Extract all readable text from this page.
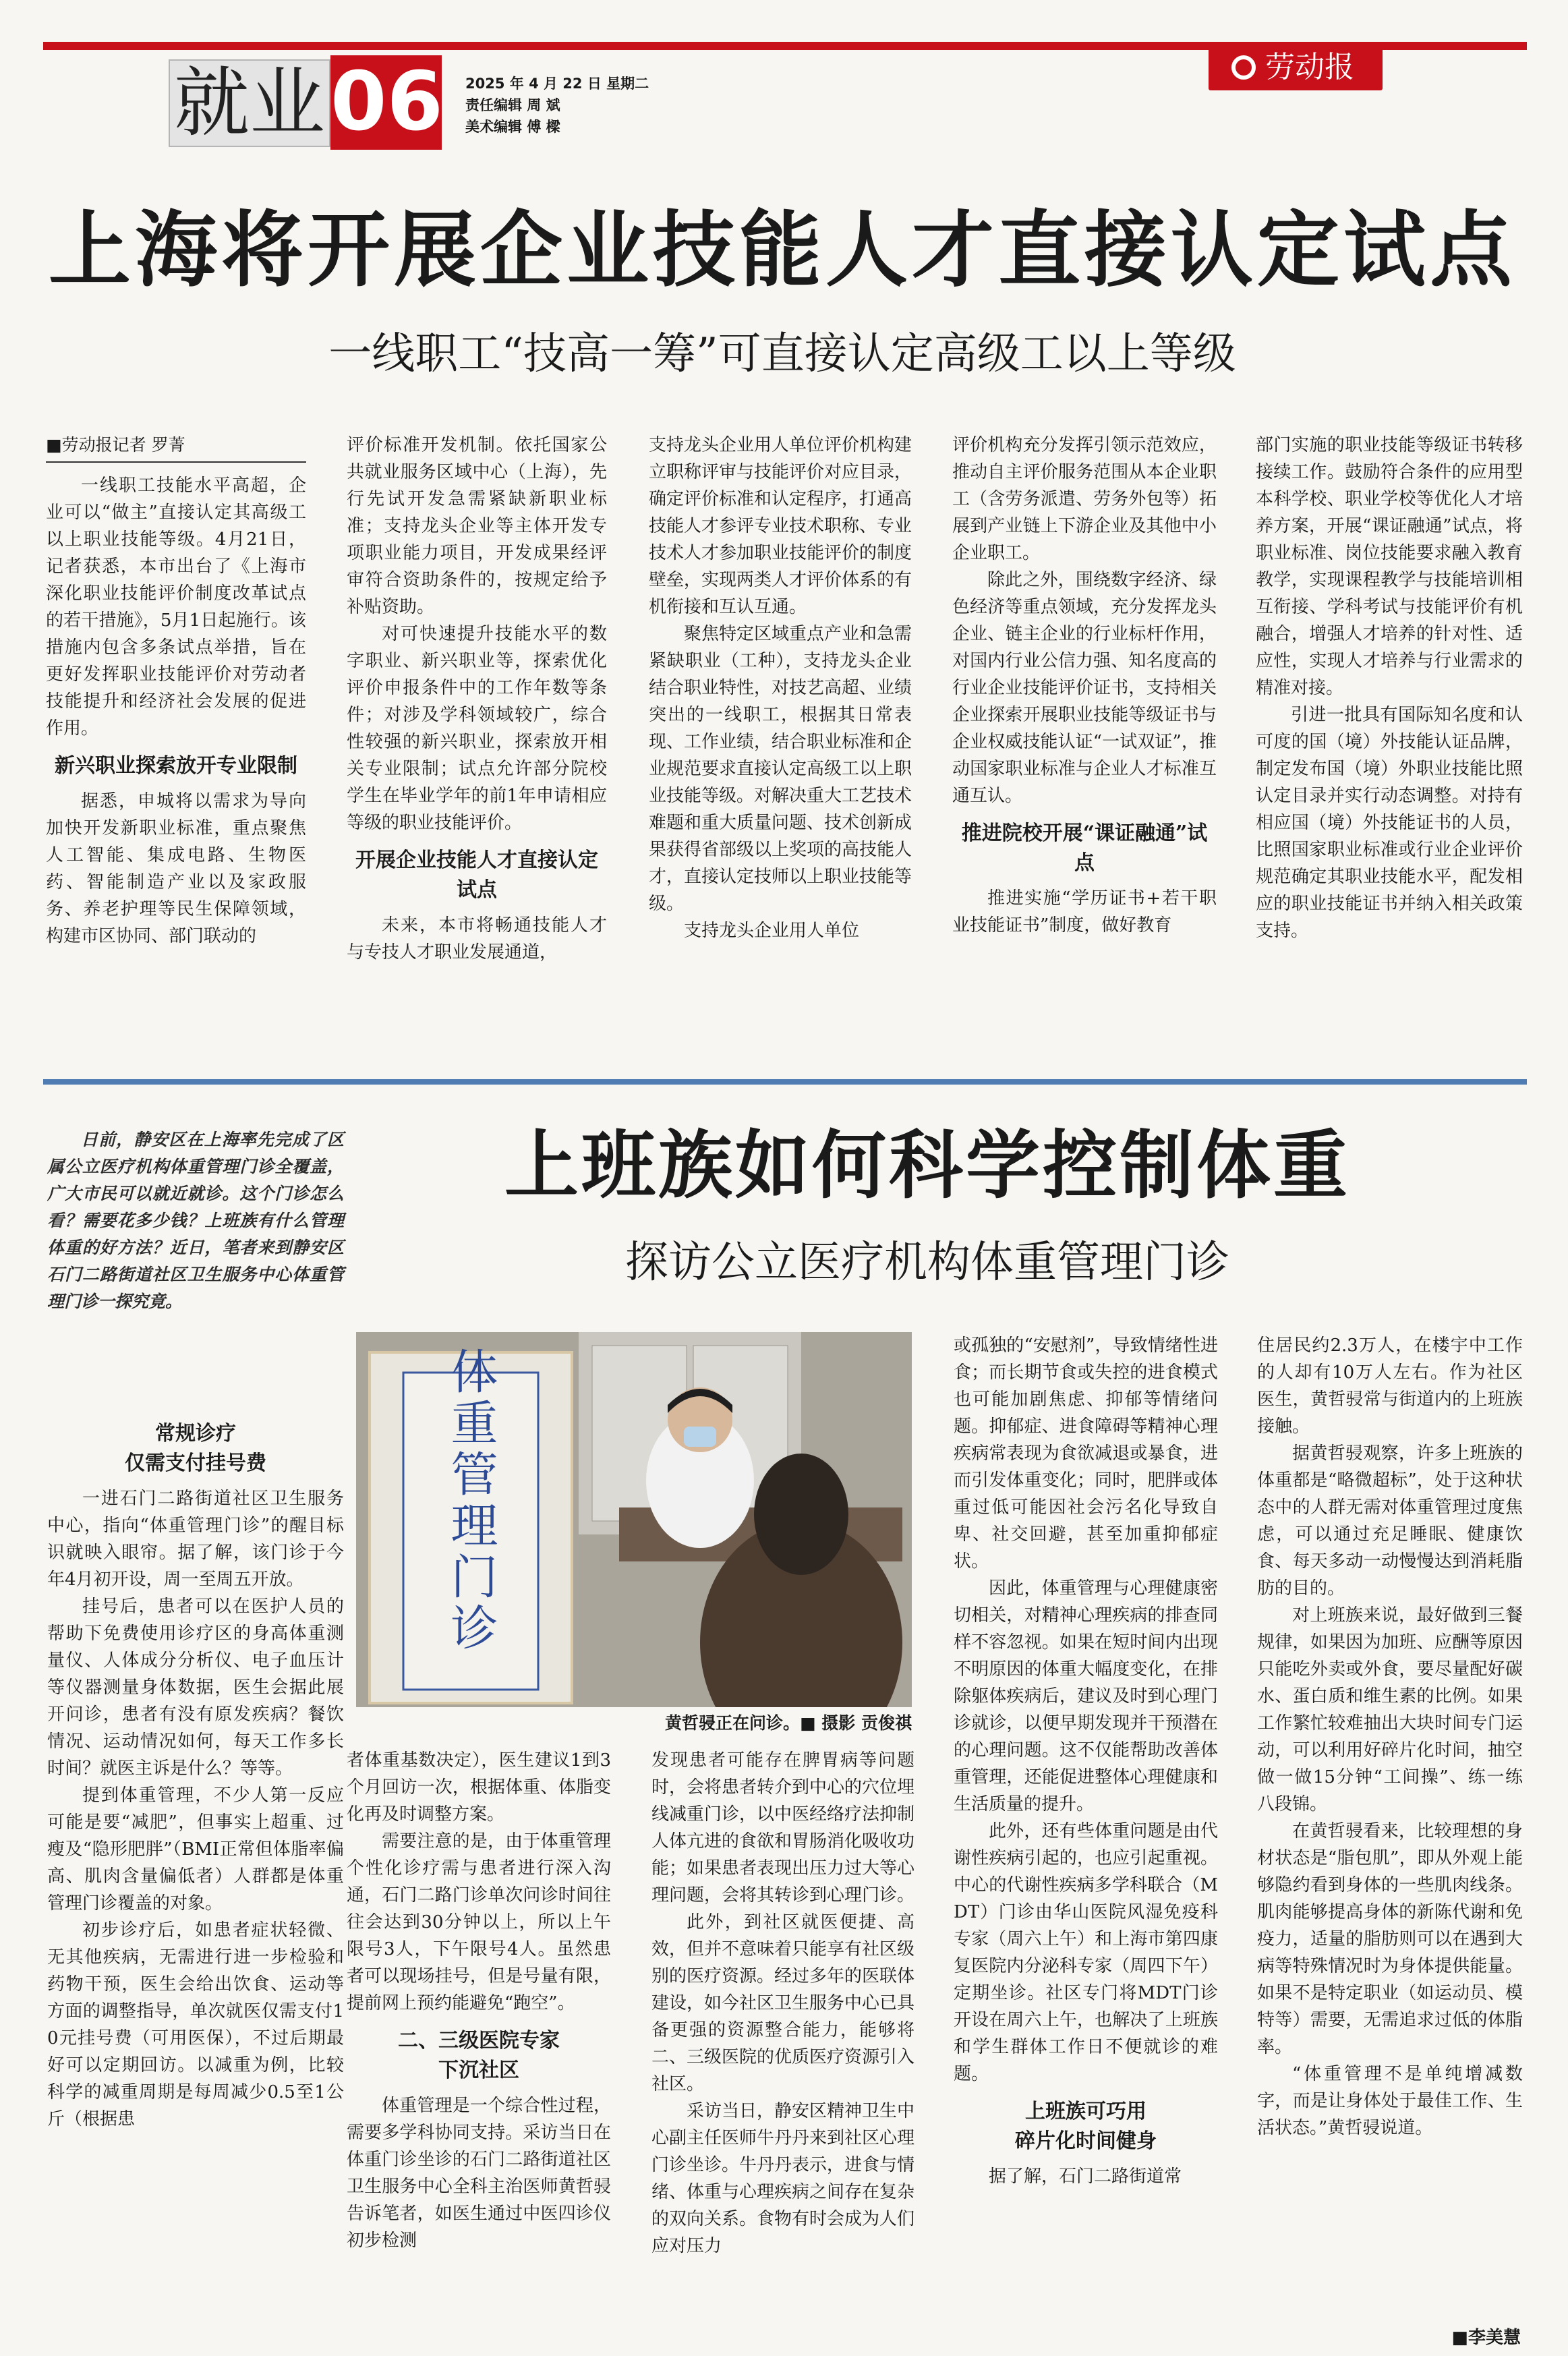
就业 06 2025 年 4 月 22 日 星期二
责任编辑 周 斌
美术编辑 傅 樑
劳动报
上海将开展企业技能人才直接认定试点
一线职工“技高一筹”可直接认定高级工以上等级

■劳动报记者 罗菁

一线职工技能水平高超，企业可以“做主”直接认定其高级工以上职业技能等级。4月21日，记者获悉，本市出台了《上海市深化职业技能评价制度改革试点的若干措施》，5月1日起施行。该措施内包含多条试点举措，旨在更好发挥职业技能评价对劳动者技能提升和经济社会发展的促进作用。

新兴职业探索放开专业限制

据悉，申城将以需求为导向加快开发新职业标准，重点聚焦人工智能、集成电路、生物医药、智能制造产业以及家政服务、养老护理等民生保障领域，构建市区协同、部门联动的

评价标准开发机制。依托国家公共就业服务区域中心（上海），先行先试开发急需紧缺新职业标准；支持龙头企业等主体开发专项职业能力项目，开发成果经评审符合资助条件的，按规定给予补贴资助。

对可快速提升技能水平的数字职业、新兴职业等，探索优化评价申报条件中的工作年数等条件；对涉及学科领域较广，综合性较强的新兴职业，探索放开相关专业限制；试点允许部分院校学生在毕业学年的前1年申请相应等级的职业技能评价。

开展企业技能人才直接认定试点

未来，本市将畅通技能人才与专技人才职业发展通道，

支持龙头企业用人单位评价机构建立职称评审与技能评价对应目录，确定评价标准和认定程序，打通高技能人才参评专业技术职称、专业技术人才参加职业技能评价的制度壁垒，实现两类人才评价体系的有机衔接和互认互通。

聚焦特定区域重点产业和急需紧缺职业（工种），支持龙头企业结合职业特性，对技艺高超、业绩突出的一线职工，根据其日常表现、工作业绩，结合职业标准和企业规范要求直接认定高级工以上职业技能等级。对解决重大工艺技术难题和重大质量问题、技术创新成果获得省部级以上奖项的高技能人才，直接认定技师以上职业技能等级。

支持龙头企业用人单位

评价机构充分发挥引领示范效应，推动自主评价服务范围从本企业职工（含劳务派遣、劳务外包等）拓展到产业链上下游企业及其他中小企业职工。

除此之外，围绕数字经济、绿色经济等重点领域，充分发挥龙头企业、链主企业的行业标杆作用，对国内行业公信力强、知名度高的行业企业技能评价证书，支持相关企业探索开展职业技能等级证书与企业权威技能认证“一试双证”，推动国家职业标准与企业人才标准互通互认。

推进院校开展“课证融通”试点

推进实施“学历证书+若干职业技能证书”制度，做好教育

部门实施的职业技能等级证书转移接续工作。鼓励符合条件的应用型本科学校、职业学校等优化人才培养方案，开展“课证融通”试点，将职业标准、岗位技能要求融入教育教学，实现课程教学与技能培训相互衔接、学科考试与技能评价有机融合，增强人才培养的针对性、适应性，实现人才培养与行业需求的精准对接。

引进一批具有国际知名度和认可度的国（境）外技能认证品牌，制定发布国（境）外职业技能比照认定目录并实行动态调整。对持有相应国（境）外技能证书的人员，比照国家职业标准或行业企业评价规范确定其职业技能水平，配发相应的职业技能证书并纳入相关政策支持。

日前，静安区在上海率先完成了区属公立医疗机构体重管理门诊全覆盖，广大市民可以就近就诊。这个门诊怎么看？需要花多少钱？上班族有什么管理体重的好方法？近日，笔者来到静安区石门二路街道社区卫生服务中心体重管理门诊一探究竟。

上班族如何科学控制体重
探访公立医疗机构体重管理门诊
体重管理门诊
黄哲骎正在问诊。■ 摄影 贡俊祺

常规诊疗
仅需支付挂号费

一进石门二路街道社区卫生服务中心，指向“体重管理门诊”的醒目标识就映入眼帘。据了解，该门诊于今年4月初开设，周一至周五开放。

挂号后，患者可以在医护人员的帮助下免费使用诊疗区的身高体重测量仪、人体成分分析仪、电子血压计等仪器测量身体数据，医生会据此展开问诊，患者有没有原发疾病？餐饮情况、运动情况如何，每天工作多长时间？就医主诉是什么？等等。

提到体重管理，不少人第一反应可能是要“减肥”，但事实上超重、过瘦及“隐形肥胖”（BMI正常但体脂率偏高、肌肉含量偏低者）人群都是体重管理门诊覆盖的对象。

初步诊疗后，如患者症状轻微、无其他疾病，无需进行进一步检验和药物干预，医生会给出饮食、运动等方面的调整指导，单次就医仅需支付10元挂号费（可用医保），不过后期最好可以定期回访。以减重为例，比较科学的减重周期是每周减少0.5至1公斤（根据患

者体重基数决定），医生建议1到3个月回访一次，根据体重、体脂变化再及时调整方案。

需要注意的是，由于体重管理个性化诊疗需与患者进行深入沟通，石门二路门诊单次问诊时间往往会达到30分钟以上，所以上午限号3人，下午限号4人。虽然患者可以现场挂号，但是号量有限，提前网上预约能避免“跑空”。

二、三级医院专家
下沉社区

体重管理是一个综合性过程，需要多学科协同支持。采访当日在体重门诊坐诊的石门二路街道社区卫生服务中心全科主治医师黄哲骎告诉笔者，如医生通过中医四诊仪初步检测

发现患者可能存在脾胃病等问题时，会将患者转介到中心的穴位埋线减重门诊，以中医经络疗法抑制人体亢进的食欲和胃肠消化吸收功能；如果患者表现出压力过大等心理问题，会将其转诊到心理门诊。

此外，到社区就医便捷、高效，但并不意味着只能享有社区级别的医疗资源。经过多年的医联体建设，如今社区卫生服务中心已具备更强的资源整合能力，能够将二、三级医院的优质医疗资源引入社区。

采访当日，静安区精神卫生中心副主任医师牛丹丹来到社区心理门诊坐诊。牛丹丹表示，进食与情绪、体重与心理疾病之间存在复杂的双向关系。食物有时会成为人们应对压力

或孤独的“安慰剂”，导致情绪性进食；而长期节食或失控的进食模式也可能加剧焦虑、抑郁等情绪问题。抑郁症、进食障碍等精神心理疾病常表现为食欲减退或暴食，进而引发体重变化；同时，肥胖或体重过低可能因社会污名化导致自卑、社交回避，甚至加重抑郁症状。

因此，体重管理与心理健康密切相关，对精神心理疾病的排查同样不容忽视。如果在短时间内出现不明原因的体重大幅度变化，在排除躯体疾病后，建议及时到心理门诊就诊，以便早期发现并干预潜在的心理问题。这不仅能帮助改善体重管理，还能促进整体心理健康和生活质量的提升。

此外，还有些体重问题是由代谢性疾病引起的，也应引起重视。中心的代谢性疾病多学科联合（MDT）门诊由华山医院风湿免疫科专家（周六上午）和上海市第四康复医院内分泌科专家（周四下午）定期坐诊。社区专门将MDT门诊开设在周六上午，也解决了上班族和学生群体工作日不便就诊的难题。

上班族可巧用
碎片化时间健身

据了解，石门二路街道常

住居民约2.3万人，在楼宇中工作的人却有10万人左右。作为社区医生，黄哲骎常与街道内的上班族接触。

据黄哲骎观察，许多上班族的体重都是“略微超标”，处于这种状态中的人群无需对体重管理过度焦虑，可以通过充足睡眠、健康饮食、每天多动一动慢慢达到消耗脂肪的目的。

对上班族来说，最好做到三餐规律，如果因为加班、应酬等原因只能吃外卖或外食，要尽量配好碳水、蛋白质和维生素的比例。如果工作繁忙较难抽出大块时间专门运动，可以利用好碎片化时间，抽空做一做15分钟“工间操”、练一练八段锦。

在黄哲骎看来，比较理想的身材状态是“脂包肌”，即从外观上能够隐约看到身体的一些肌肉线条。肌肉能够提高身体的新陈代谢和免疫力，适量的脂肪则可以在遇到大病等特殊情况时为身体提供能量。如果不是特定职业（如运动员、模特等）需要，无需追求过低的体脂率。

“体重管理不是单纯增减数字，而是让身体处于最佳工作、生活状态。”黄哲骎说道。

■李美慧
